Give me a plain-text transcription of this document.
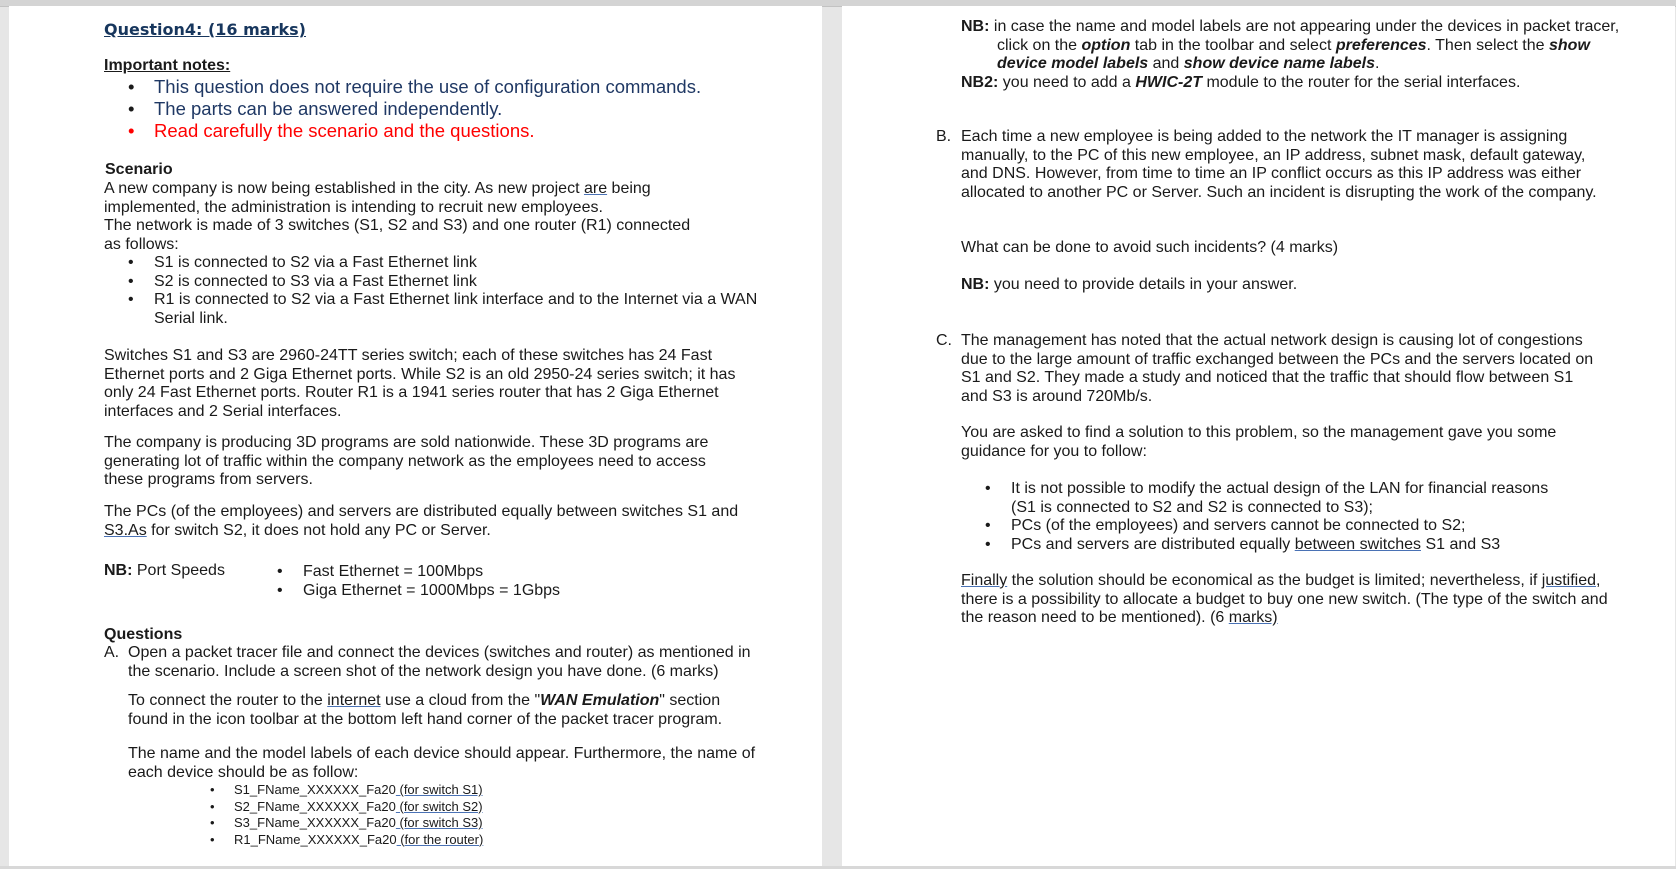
Question4: (16 marks)
Important notes:
• This question does not require the use of configuration commands.
• The parts can be answered independently.
• Read carefully the scenario and the questions.
Scenario

A new company is now being established in the city. As new project are being implemented, the administration is intending to recruit new employees.

The network is made of 3 switches (S1, S2 and S3) and one router (R1) connected as follows:

• S1 is connected to S2 via a Fast Ethernet link
• S2 is connected to S3 via a Fast Ethernet link
• R1 is connected to S2 via a Fast Ethernet link interface and to the Internet via a WAN Serial link.

Switches S1 and S3 are 2960-24TT series switch; each of these switches has 24 Fast Ethernet ports and 2 Giga Ethernet ports. While S2 is an old 2950-24 series switch; it has only 24 Fast Ethernet ports. Router R1 is a 1941 series router that has 2 Giga Ethernet interfaces and 2 Serial interfaces.

The company is producing 3D programs are sold nationwide. These 3D programs are generating lot of traffic within the company network as the employees need to access these programs from servers.

The PCs (of the employees) and servers are distributed equally between switches S1 and S3.As for switch S2, it does not hold any PC or Server.

NB: Port Speeds

•	Fast Ethernet = 100Mbps
• Giga Ethernet = 1000Mbps = 1Gbps
Questions
A. Open a packet tracer file and connect the devices (switches and router) as mentioned in the scenario. Include a screen shot of the network design you have done. (6 marks)

To connect the router to the internet use a cloud from the "WAN Emulation" section found in the icon toolbar at the bottom left hand corner of the packet tracer program.

The name and the model labels of each device should appear. Furthermore, the name of each device should be as follow:

• S1_FName_XXXXXX_Fa20 (for switch S1)
• S2_FName_XXXXXX_Fa20 (for switch S2)
• S3_FName_XXXXXX_Fa20 (for switch S3)
• R1_FName_XXXXXX_Fa20 (for the router)

NB: in case the name and model labels are not appearing under the devices in packet tracer, click on the option tab in the toolbar and select preferences. Then select the show device model labels and show device name labels.

NB2: you need to add a HWIC-2T module to the router for the serial interfaces.

B. Each time a new employee is being added to the network the IT manager is assigning manually, to the PC of this new employee, an IP address, subnet mask, default gateway, and DNS. However, from time to time an IP conflict occurs as this IP address was either allocated to another PC or Server. Such an incident is disrupting the work of the company.

What can be done to avoid such incidents? (4 marks)

NB: you need to provide details in your answer.

C. The management has noted that the actual network design is causing lot of congestions due to the large amount of traffic exchanged between the PCs and the servers located on S1 and S2. They made a study and noticed that the traffic that should flow between S1 and S3 is around 720Mb/s.

You are asked to find a solution to this problem, so the management gave you some guidance for you to follow:

• It is not possible to modify the actual design of the LAN for financial reasons (S1 is connected to S2 and S2 is connected to S3);
• PCs (of the employees) and servers cannot be connected to S2;
• PCs and servers are distributed equally between switches S1 and S3

Finally the solution should be economical as the budget is limited; nevertheless, if justified, there is a possibility to allocate a budget to buy one new switch. (The type of the switch and the reason need to be mentioned). (6 marks)
